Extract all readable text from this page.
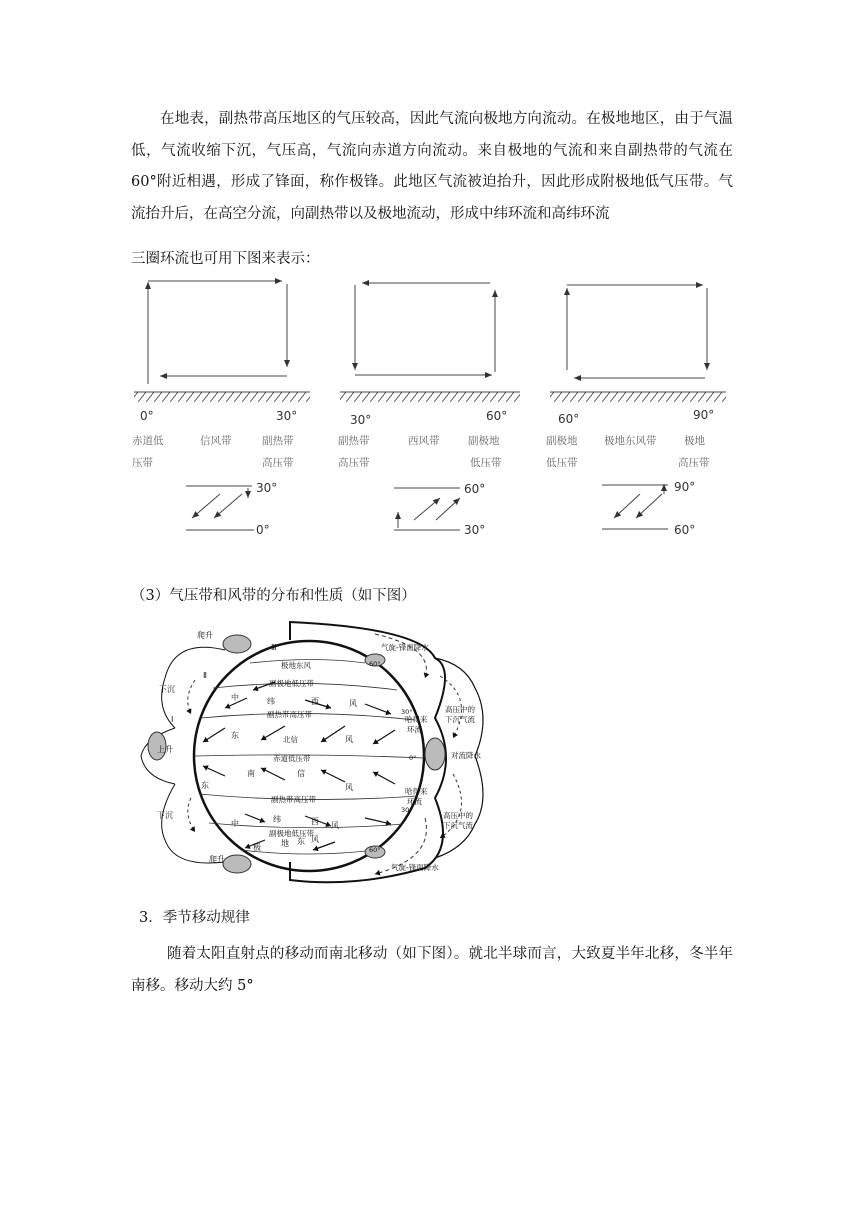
在地表，副热带高压地区的气压较高，因此气流向极地方向流动。在极地地区，由于气温低，气流收缩下沉，气压高，气流向赤道方向流动。来自极地的气流和来自副热带的气流在60°附近相遇，形成了锋面，称作极锋。此地区气流被迫抬升，因此形成附极地低气压带。气流抬升后，在高空分流，向副热带以及极地流动，形成中纬环流和高纬环流

三圈环流也可用下图来表示：

0°	30°	30°	60°	60°	90°
赤道低
压带
信风带	副热带
高压带
副热带
高压带
西风带	副极地
低压带
副极地
低压带
极地东风带	极地
高压带
30°
0°
60°
30°
90°
60°

（3）气压带和风带的分布和性质（如下图）

爬升
下沉
上升
下沉
爬升
Ⅲ
Ⅱ
Ⅰ
极地东风
副极地低压带
副热带高压带
北信
赤道低压带
副热带高压带
副极地低压带
中	纬	西	风
东	风
南	信
东	风
中	纬	西 风
极	地 东 风
60°
30°
0°
30°
60°
气旋-锋面降水
高压中的
下沉气流
哈得来
环流
对流降水
哈得来
环流
高压中的
下沉气流
气旋-锋面降水

3．季节移动规律

随着太阳直射点的移动而南北移动（如下图）。就北半球而言，大致夏半年北移，冬半年南移。移动大约 5°
